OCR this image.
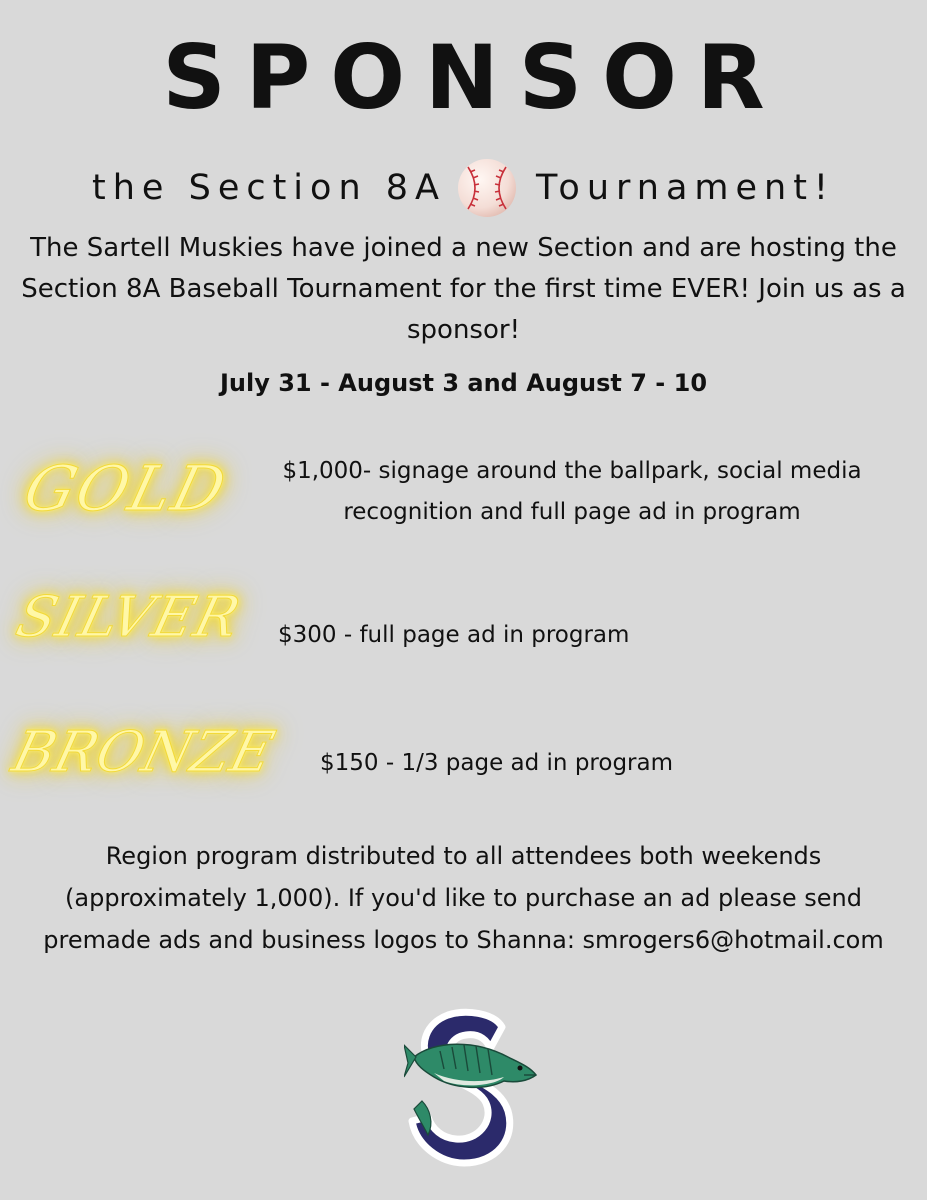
SPONSOR
the Section 8A	Tournament!
The Sartell Muskies have joined a new Section and are hosting the Section 8A Baseball Tournament for the first time EVER! Join us as a sponsor!
July 31 - August 3 and August 7 - 10
GOLD	$1,000- signage around the ballpark, social media recognition and full page ad in program
SILVER $300 - full page ad in program
BRONZE $150 - 1/3 page ad in program
Region program distributed to all attendees both weekends (approximately 1,000). If you'd like to purchase an ad please send premade ads and business logos to Shanna: smrogers6@hotmail.com
